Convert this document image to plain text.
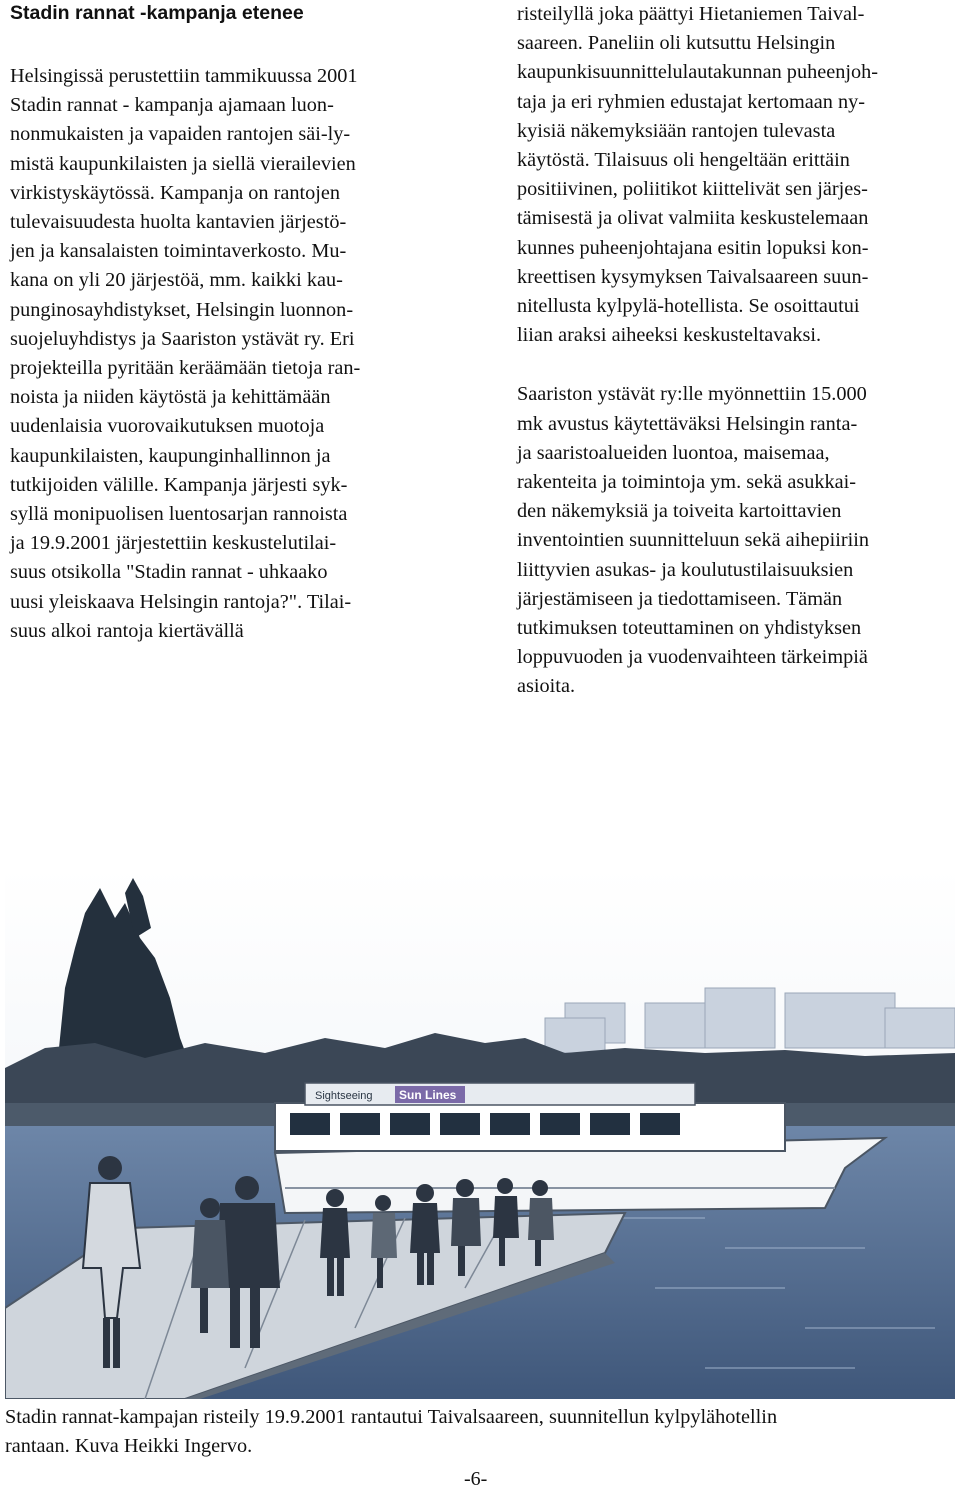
Stadin rannat -kampanja etenee

Helsingissä perustettiin tammikuussa 2001
Stadin rannat - kampanja ajamaan luon-
nonmukaisten ja vapaiden rantojen säi-ly-
mistä kaupunkilaisten ja siellä vierailevien
virkistyskäytössä. Kampanja on rantojen
tulevaisuudesta huolta kantavien järjestö-
jen ja kansalaisten toimintaverkosto. Mu-
kana on yli 20 järjestöä, mm. kaikki kau-
punginosayhdistykset, Helsingin luonnon-
suojeluyhdistys ja Saariston ystävät ry. Eri
projekteilla pyritään keräämään tietoja ran-
noista ja niiden käytöstä ja kehittämään
uudenlaisia vuorovaikutuksen muotoja
kaupunkilaisten, kaupunginhallinnon ja
tutkijoiden välille. Kampanja järjesti syk-
syllä monipuolisen luentosarjan rannoista
ja 19.9.2001 järjestettiin keskustelutilai-
suus otsikolla "Stadin rannat - uhkaako
uusi yleiskaava Helsingin rantoja?". Tilai-
suus alkoi rantoja kiertävällä

risteilyllä joka päättyi Hietaniemen Taival-
saareen. Paneliin oli kutsuttu Helsingin
kaupunkisuunnittelulautakunnan puheenjoh-
taja ja eri ryhmien edustajat kertomaan ny-
kyisiä näkemyksiään rantojen tulevasta
käytöstä. Tilaisuus oli hengeltään erittäin
positiivinen, poliitikot kiittelivät sen järjes-
tämisestä ja olivat valmiita keskustelemaan
kunnes puheenjohtajana esitin lopuksi kon-
kreettisen kysymyksen Taivalsaareen suun-
nitellusta kylpylä-hotellista. Se osoittautui
liian araksi aiheeksi keskusteltavaksi.

Saariston ystävät ry:lle myönnettiin 15.000
mk avustus käytettäväksi Helsingin ranta-
ja saaristoalueiden luontoa, maisemaa,
rakenteita ja toimintoja ym. sekä asukkai-
den näkemyksiä ja toiveita kartoittavien
inventointien suunnitteluun sekä aihepiiriin
liittyvien asukas- ja koulutustilaisuuksien
järjestämiseen ja tiedottamiseen. Tämän
tutkimuksen toteuttaminen on yhdistyksen
loppuvuoden ja vuodenvaihteen tärkeimpiä
asioita.

Sightseeing Sun Lines
Stadin rannat-kampajan risteily 19.9.2001 rantautui Taivalsaareen, suunnitellun kylpylähotellin
rantaan. Kuva Heikki Ingervo.
-6-
